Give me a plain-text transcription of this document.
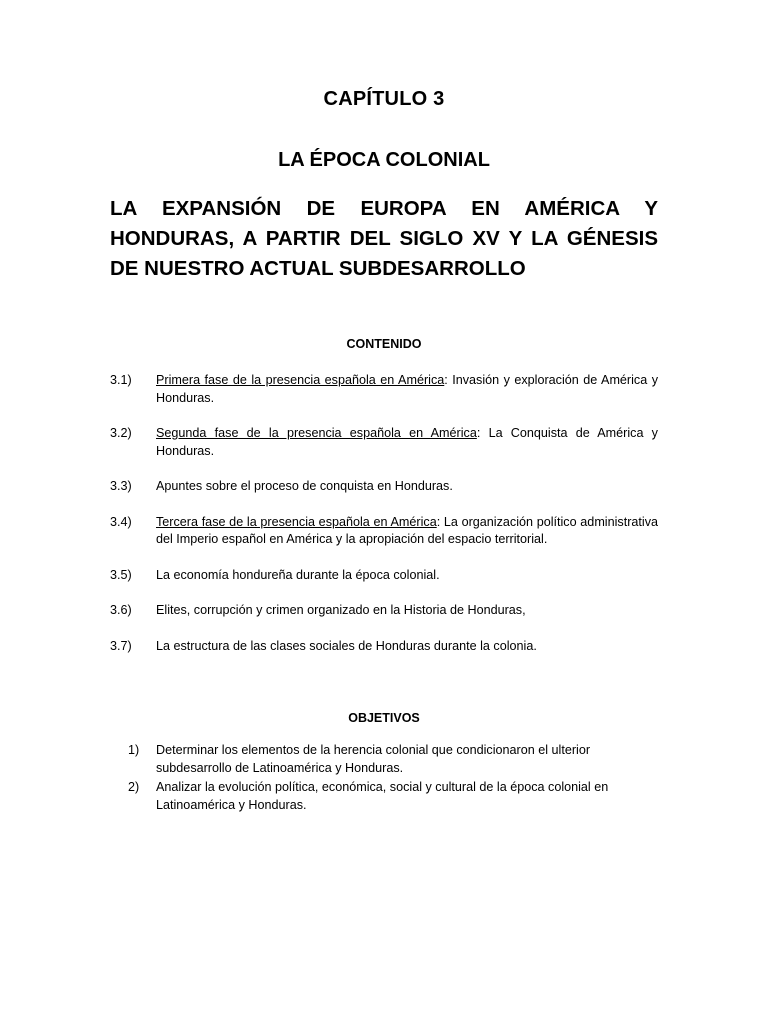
CAPÍTULO 3
LA ÉPOCA COLONIAL
LA EXPANSIÓN DE EUROPA EN AMÉRICA Y HONDURAS, A PARTIR DEL SIGLO XV Y LA GÉNESIS DE NUESTRO ACTUAL SUBDESARROLLO
CONTENIDO
3.1)	Primera fase de la presencia española en América: Invasión y exploración de América y Honduras.
3.2)	Segunda fase de la presencia española en América: La Conquista de América y Honduras.
3.3)	Apuntes sobre el proceso de conquista en Honduras.
3.4)	Tercera fase de la presencia española en América: La organización político administrativa del Imperio español en América y la apropiación del espacio territorial.
3.5)	La economía hondureña durante la época colonial.
3.6)	Elites, corrupción y crimen organizado en la Historia de Honduras,
3.7)	La estructura de las clases sociales de Honduras durante la colonia.
OBJETIVOS
1)	Determinar los elementos de la herencia colonial que condicionaron el ulterior subdesarrollo de Latinoamérica y Honduras.
2)	Analizar la evolución política, económica, social y cultural de la época colonial en Latinoamérica y Honduras.
